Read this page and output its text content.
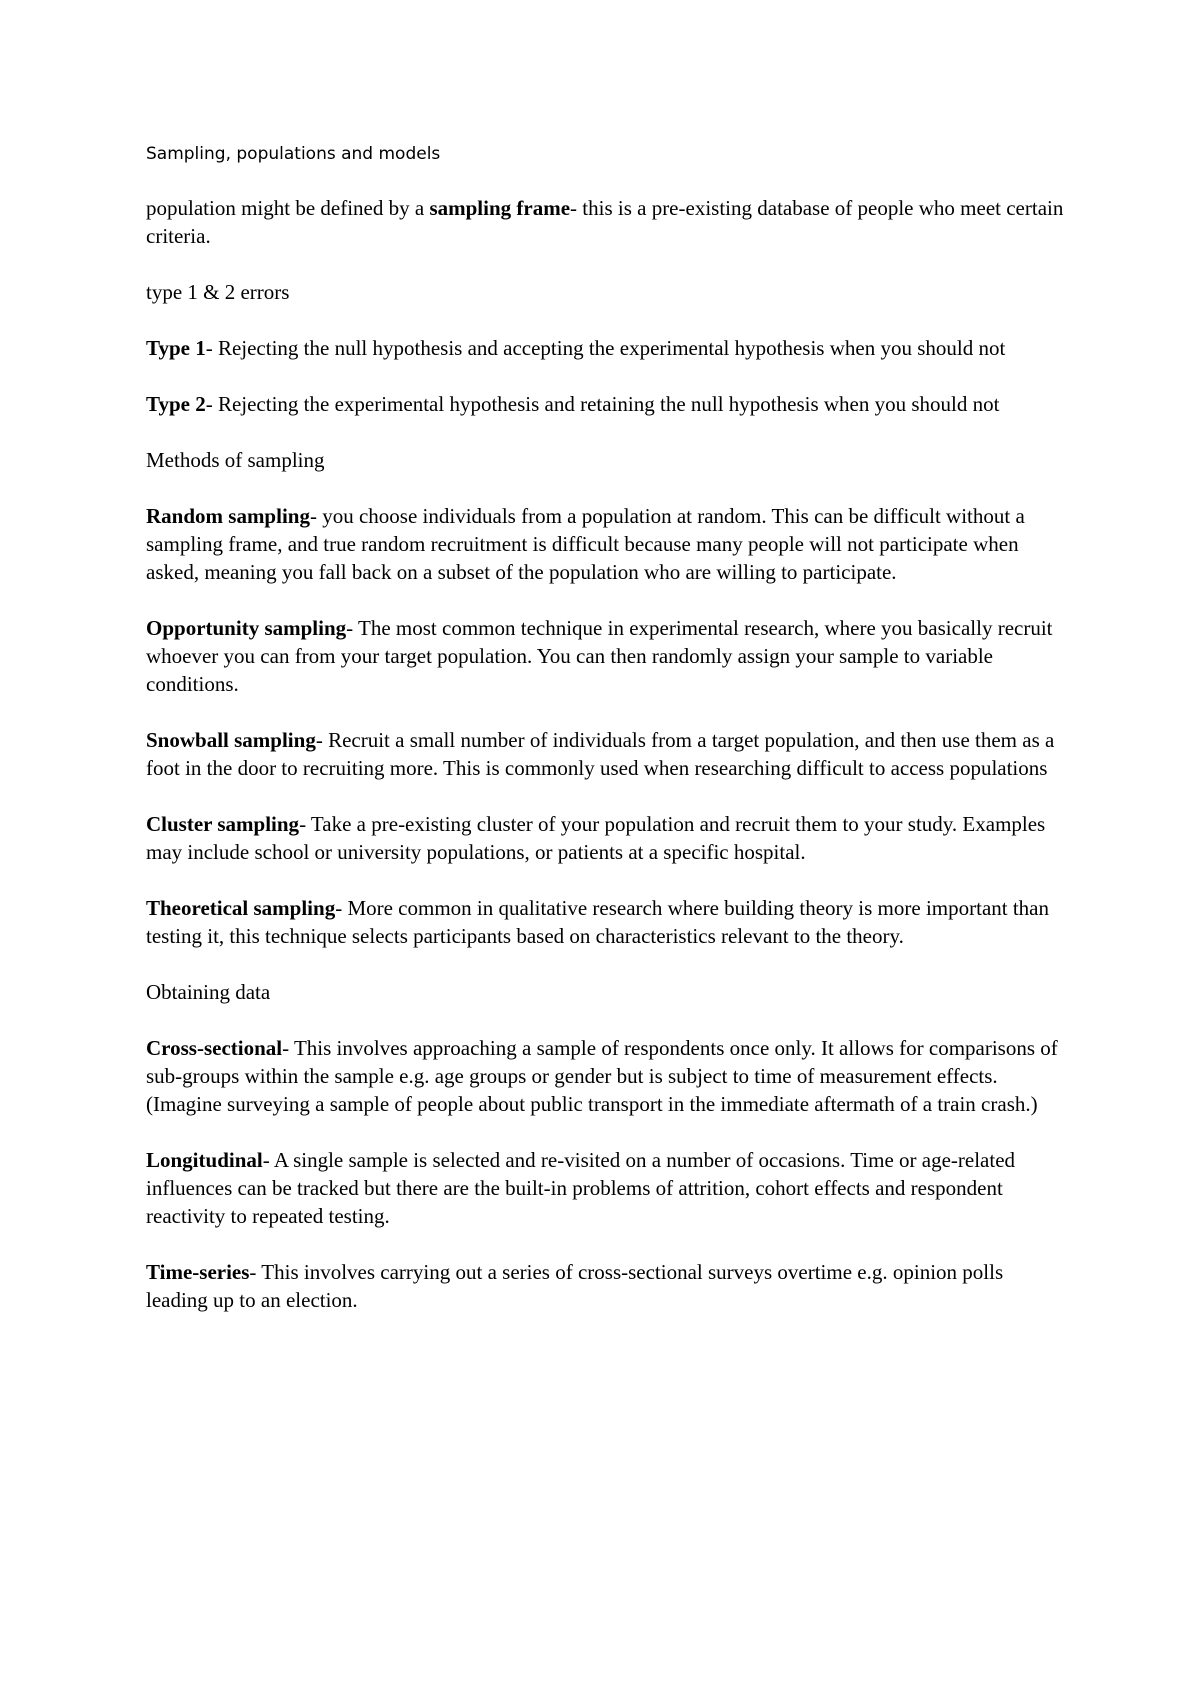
Sampling, populations and models

population might be defined by a sampling frame- this is a pre-existing database of people who meet certain criteria.

type 1 & 2 errors

Type 1- Rejecting the null hypothesis and accepting the experimental hypothesis when you should not

Type 2- Rejecting the experimental hypothesis and retaining the null hypothesis when you should not

Methods of sampling

Random sampling- you choose individuals from a population at random. This can be difficult without a sampling frame, and true random recruitment is difficult because many people will not participate when asked, meaning you fall back on a subset of the population who are willing to participate.

Opportunity sampling- The most common technique in experimental research, where you basically recruit whoever you can from your target population. You can then randomly assign your sample to variable conditions.

Snowball sampling- Recruit a small number of individuals from a target population, and then use them as a foot in the door to recruiting more. This is commonly used when researching difficult to access populations

Cluster sampling- Take a pre-existing cluster of your population and recruit them to your study. Examples may include school or university populations, or patients at a specific hospital.

Theoretical sampling- More common in qualitative research where building theory is more important than testing it, this technique selects participants based on characteristics relevant to the theory.

Obtaining data

Cross-sectional- This involves approaching a sample of respondents once only. It allows for comparisons of sub-groups within the sample e.g. age groups or gender but is subject to time of measurement effects. (Imagine surveying a sample of people about public transport in the immediate aftermath of a train crash.)

Longitudinal- A single sample is selected and re-visited on a number of occasions. Time or age-related influences can be tracked but there are the built-in problems of attrition, cohort effects and respondent reactivity to repeated testing.

Time-series- This involves carrying out a series of cross-sectional surveys overtime e.g. opinion polls leading up to an election.
